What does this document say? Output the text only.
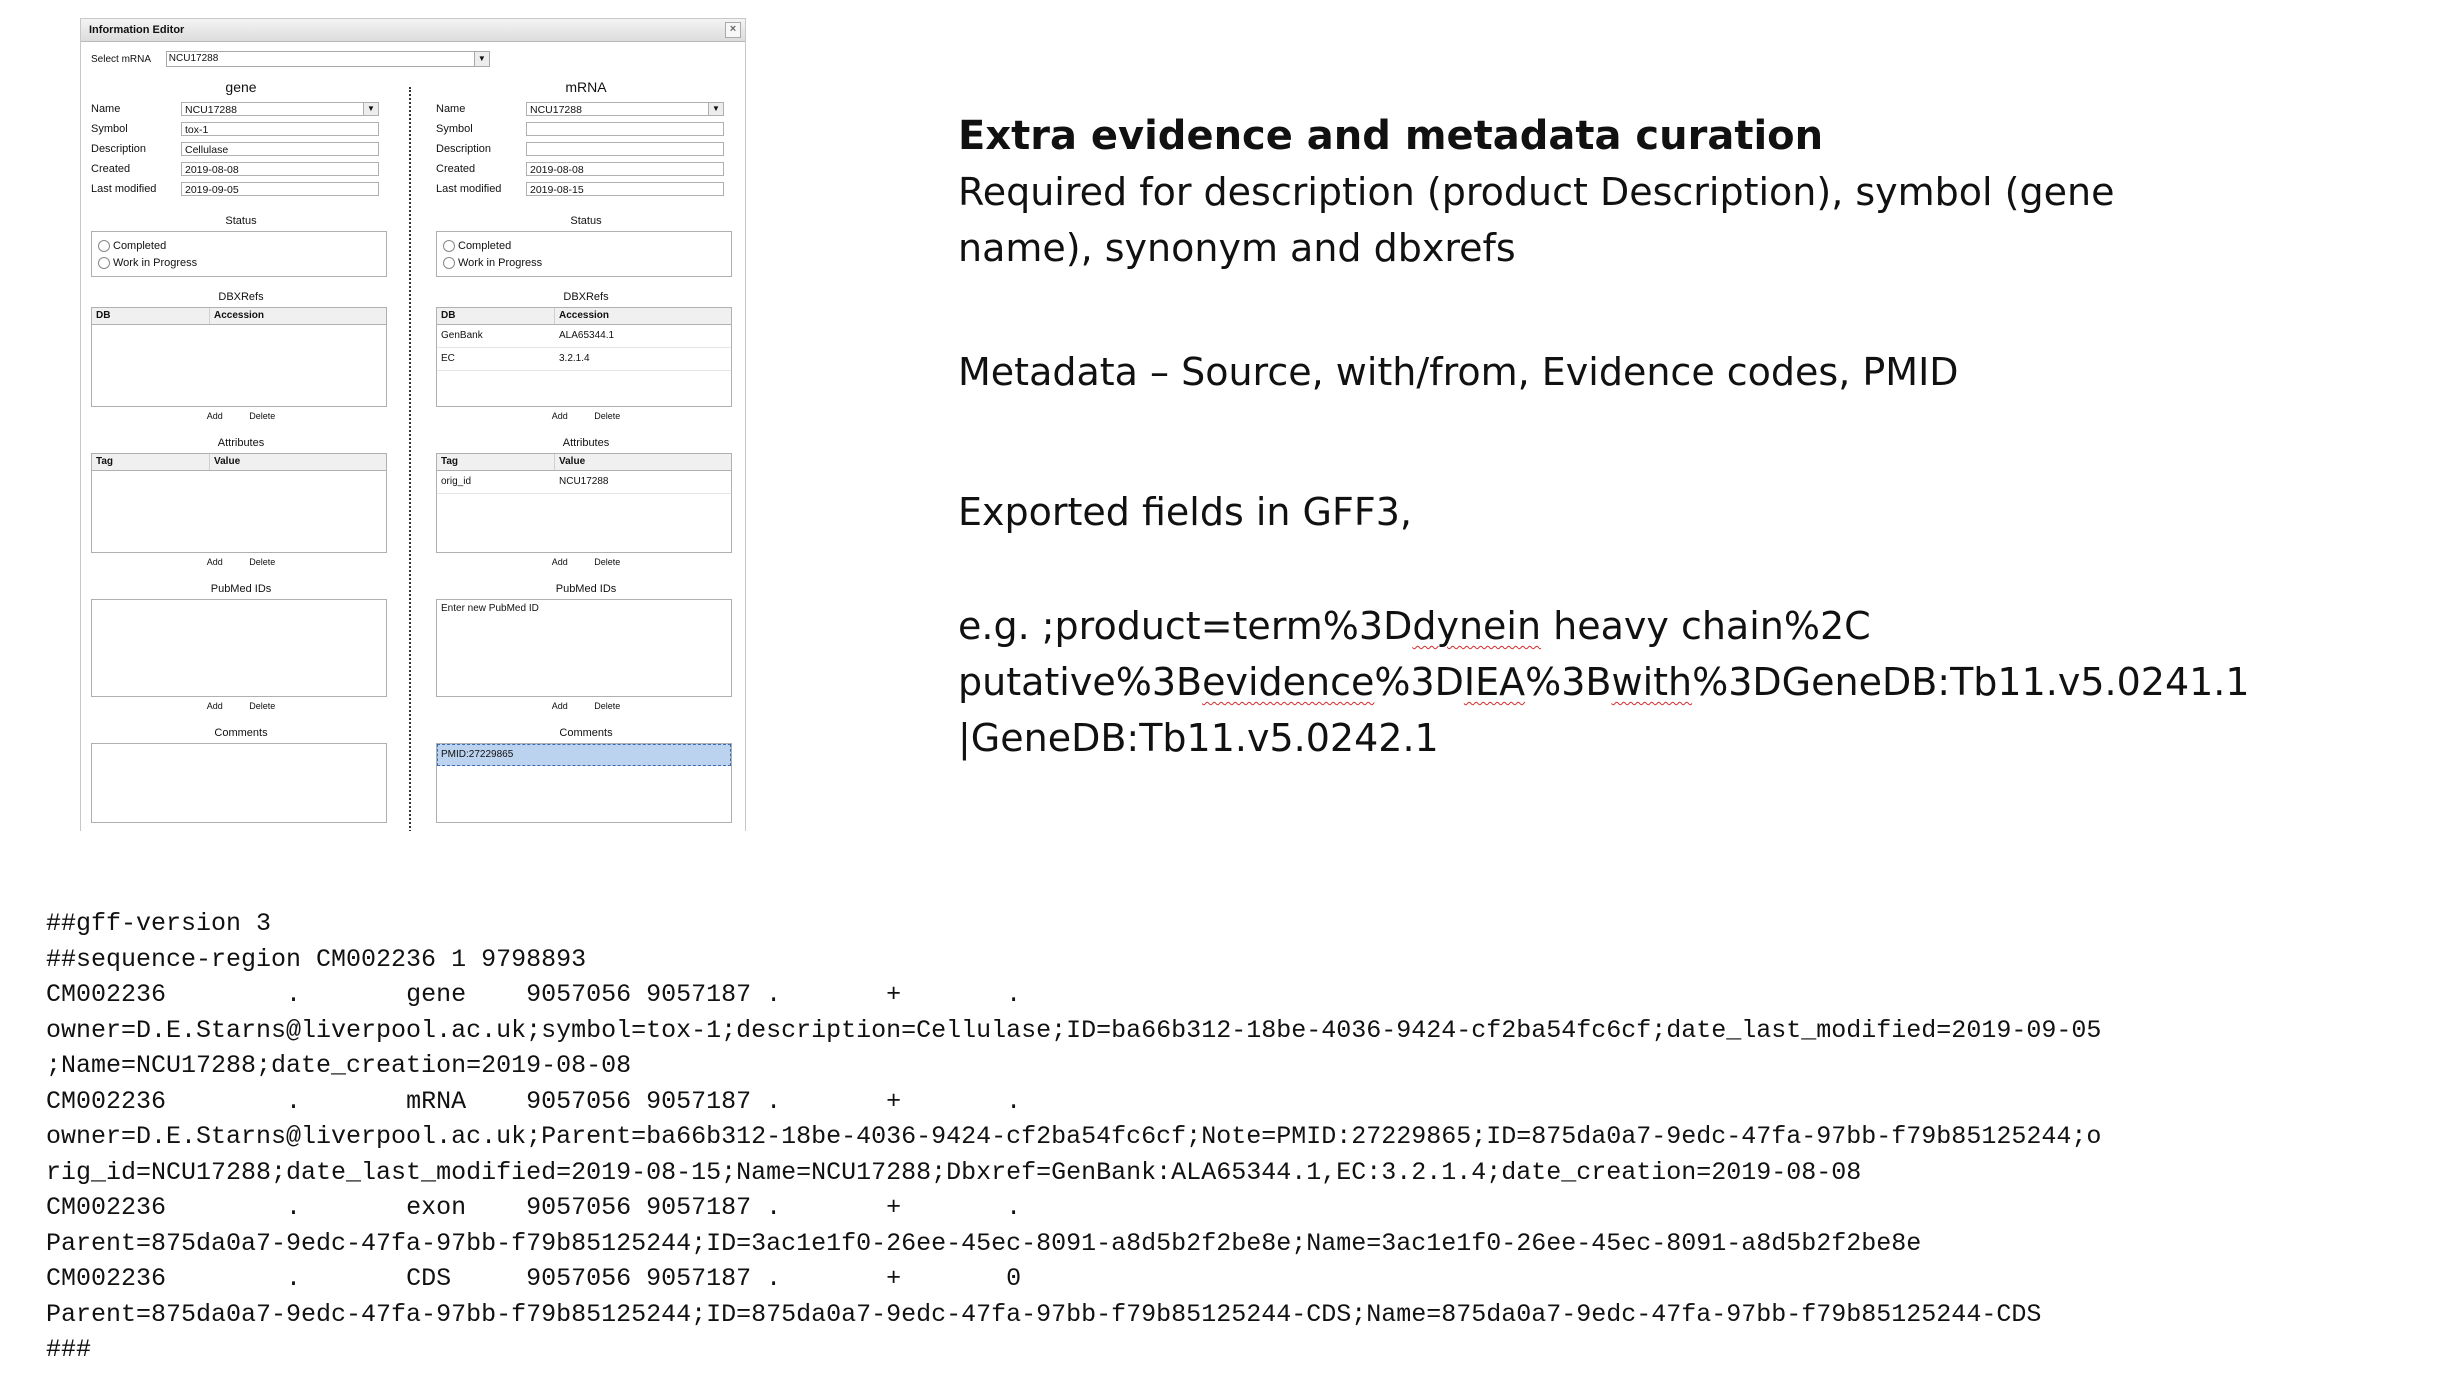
Information Editor	×
Select mRNA NCU17288	▼
gene
Name	NCU17288	▼
Symbol	tox-1
Description	Cellulase
Created	2019-08-08
Last modified	2019-09-05
Status
Completed
Work in Progress
DBXRefs
DB	Accession
Add	Delete
Attributes
Tag	Value
Add	Delete
PubMed IDs
Add	Delete
Comments
mRNA
Name	NCU17288	▼
Symbol
Description
Created	2019-08-08
Last modified	2019-08-15
Status
Completed
Work in Progress
DBXRefs
DB	Accession
GenBank	ALA65344.1
EC	3.2.1.4
Add	Delete
Attributes
Tag	Value
orig_id	NCU17288
Add	Delete
PubMed IDs
Enter new PubMed ID
Add	Delete
Comments
PMID:27229865
Extra evidence and metadata curation
Required for description (product Description), symbol (gene
name), synonym and dbxrefs
Metadata – Source, with/from, Evidence codes, PMID
Exported fields in GFF3,
e.g. ;product=term%3Ddynein heavy chain%2C
putative%3Bevidence%3DIEA%3Bwith%3DGeneDB:Tb11.v5.0241.1
|GeneDB:Tb11.v5.0242.1
##gff-version 3
##sequence-region CM002236 1 9798893
CM002236	.	gene	9057056	9057187	.	+	.
owner=D.E.Starns@liverpool.ac.uk;symbol=tox-1;description=Cellulase;ID=ba66b312-18be-4036-9424-cf2ba54fc6cf;date_last_modified=2019-09-05
;Name=NCU17288;date_creation=2019-08-08
CM002236	.	mRNA	9057056	9057187	.	+	.
owner=D.E.Starns@liverpool.ac.uk;Parent=ba66b312-18be-4036-9424-cf2ba54fc6cf;Note=PMID:27229865;ID=875da0a7-9edc-47fa-97bb-f79b85125244;o
rig_id=NCU17288;date_last_modified=2019-08-15;Name=NCU17288;Dbxref=GenBank:ALA65344.1,EC:3.2.1.4;date_creation=2019-08-08
CM002236	.	exon	9057056	9057187	.	+	.
Parent=875da0a7-9edc-47fa-97bb-f79b85125244;ID=3ac1e1f0-26ee-45ec-8091-a8d5b2f2be8e;Name=3ac1e1f0-26ee-45ec-8091-a8d5b2f2be8e
CM002236	.	CDS	9057056	9057187	.	+	0
Parent=875da0a7-9edc-47fa-97bb-f79b85125244;ID=875da0a7-9edc-47fa-97bb-f79b85125244-CDS;Name=875da0a7-9edc-47fa-97bb-f79b85125244-CDS
###
